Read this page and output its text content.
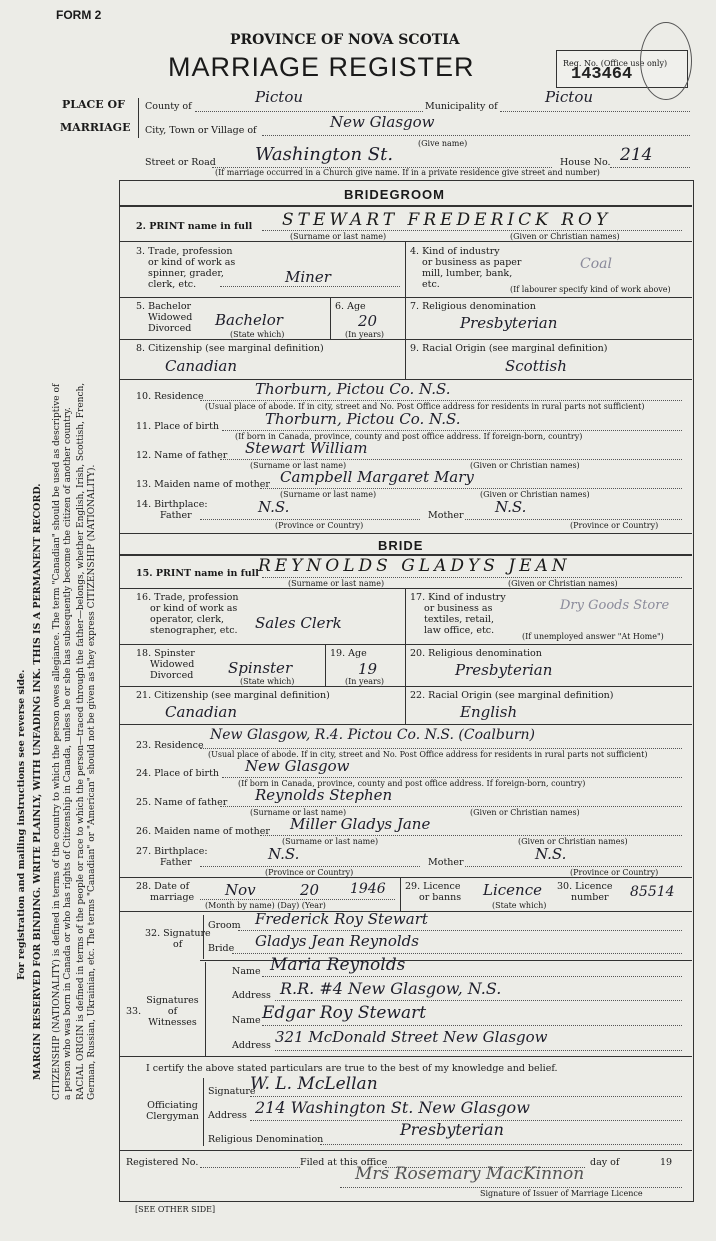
For registration and mailing instructions see reverse side. MARGIN RESERVED FOR BINDING. WRITE PLAINLY, WITH UNFADING INK. THIS IS A PERMANENT RECORD. CITIZENSHIP (NATIONALITY) is defined in terms of the country to which the person owes allegiance. The term "Canadian" should be used as descriptive of a person who was born in Canada or who has rights of Citizenship in Canada, unless he or she has subsequently become the citizen of another country. RACIAL ORIGIN is defined in terms of the people or race to which the person—traced through the father—belongs, whether English, Irish, Scottish, French, German, Russian, Ukrainian, etc. The terms "Canadian" or "American" should not be given as they express CITIZENSHIP (NATIONALITY).
FORM 2
PROVINCE OF NOVA SCOTIA
MARRIAGE REGISTER	Reg. No. (Office use only)
143464
PLACE OF
MARRIAGE
County of
Pictou
Municipality of
Pictou
City, Town or Village of	New Glasgow
(Give name)
Street or Road Washington St.	House No. 214
(If marriage occurred in a Church give name. If in a private residence give street and number)
BRIDEGROOM
2. PRINT name in full STEWART FREDERICK ROY
(Surname or last name)	(Given or Christian names)
3. Trade, profession
or kind of work as
spinner, grader,
clerk, etc.	Miner
4. Kind of industry
or business as paper
mill, lumber, bank,
etc.
Coal
(If labourer specify kind of work above)
5. Bachelor
Widowed
Divorced Bachelor
(State which)
6. Age
20
(In years)
7. Religious denomination
Presbyterian
8. Citizenship (see marginal definition)
Canadian
9. Racial Origin (see marginal definition)
Scottish
10. Residence	Thorburn, Pictou Co. N.S.
(Usual place of abode. If in city, street and No. Post Office address for residents in rural parts not sufficient)
11. Place of birth	Thorburn, Pictou Co. N.S.
(If born in Canada, province, county and post office address. If foreign-born, country)
12. Name of father Stewart William
(Surname or last name)	(Given or Christian names)
13. Maiden name of mother Campbell Margaret Mary
(Surname or last name)	(Given or Christian names)
14. Birthplace:
Father	N.S.	Mother N.S.
(Province or Country)	(Province or Country)
BRIDE
15. PRINT name in full REYNOLDS GLADYS JEAN
(Surname or last name)	(Given or Christian names)
16. Trade, profession
or kind of work as
operator, clerk,
stenographer, etc. Sales Clerk
17. Kind of industry
or business as
textiles, retail,
law office, etc.
Dry Goods Store
(If unemployed answer "At Home")
18. Spinster
Widowed
Divorced Spinster
(State which)
19. Age
19
(In years)
20. Religious denomination
Presbyterian
21. Citizenship (see marginal definition)
Canadian
22. Racial Origin (see marginal definition)
English
23. Residence
New Glasgow, R.4. Pictou Co. N.S. (Coalburn)
(Usual place of abode. If in city, street and No. Post Office address for residents in rural parts not sufficient)
24. Place of birth New Glasgow
(If born in Canada, province, county and post office address. If foreign-born, country)
25. Name of father Reynolds Stephen
(Surname or last name)	(Given or Christian names)
26. Maiden name of mother Miller Gladys Jane
(Surname or last name)	(Given or Christian names)
27. Birthplace:
Father	N.S.	Mother	N.S.
(Province or Country)	(Province or Country)
28. Date of
marriage Nov	20 1946
(Month by name) (Day) (Year)
29. Licence
or banns Licence
(State which)
30. Licence
number 85514
32. Signature
of
Groom Frederick Roy Stewart
Bride Gladys Jean Reynolds
33.
Signatures
of
Witnesses
Name Maria Reynolds
Address R.R. #4 New Glasgow, N.S.
Name Edgar Roy Stewart
Address 321 McDonald Street New Glasgow
I certify the above stated particulars are true to the best of my knowledge and belief.
Officiating
Clergyman
Signature
W. L. McLellan
Address 214 Washington St. New Glasgow
Religious Denomination
Presbyterian
Registered No.	Filed at this office	day of	19
Mrs Rosemary MacKinnon
Signature of Issuer of Marriage Licence
[SEE OTHER SIDE]
